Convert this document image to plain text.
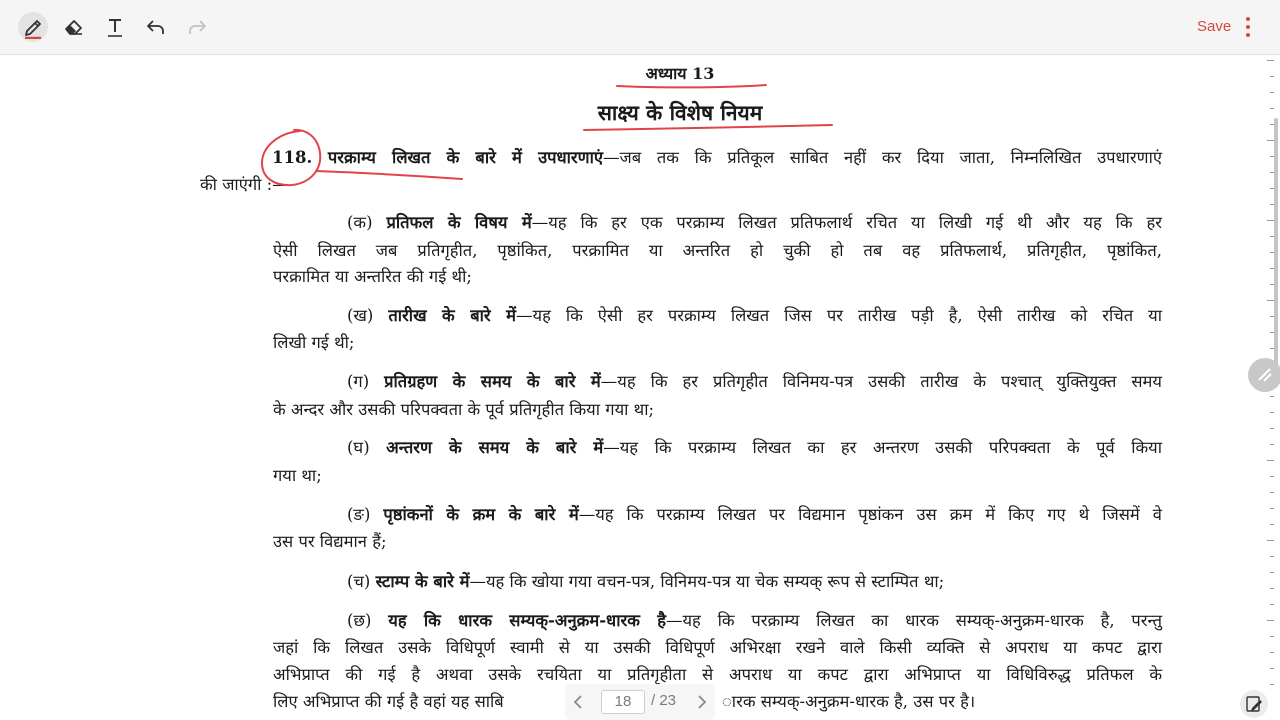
Save
अध्याय 13
साक्ष्य के विशेष नियम
118. परक्राम्य लिखत के बारे में उपधारणाएं—जब तक कि प्रतिकूल साबित नहीं कर दिया जाता, निम्नलिखित उपधारणाएं
की जाएंगी :—
(क) प्रतिफल के विषय में—यह कि हर एक परक्राम्य लिखत प्रतिफलार्थ रचित या लिखी गई थी और यह कि हर
ऐसी लिखत जब प्रतिगृहीत, पृष्ठांकित, परक्रामित या अन्तरित हो चुकी हो तब वह प्रतिफलार्थ, प्रतिगृहीत, पृष्ठांकित,
परक्रामित या अन्तरित की गई थी;
(ख) तारीख के बारे में—यह कि ऐसी हर परक्राम्य लिखत जिस पर तारीख पड़ी है, ऐसी तारीख को रचित या
लिखी गई थी;
(ग) प्रतिग्रहण के समय के बारे में—यह कि हर प्रतिगृहीत विनिमय-पत्र उसकी तारीख के पश्चात् युक्तियुक्त समय
के अन्दर और उसकी परिपक्वता के पूर्व प्रतिगृहीत किया गया था;
(घ) अन्तरण के समय के बारे में—यह कि परक्राम्य लिखत का हर अन्तरण उसकी परिपक्वता के पूर्व किया
गया था;
(ङ) पृष्ठांकनों के क्रम के बारे में—यह कि परक्राम्य लिखत पर विद्यमान पृष्ठांकन उस क्रम में किए गए थे जिसमें वे
उस पर विद्यमान हैं;
(च) स्टाम्प के बारे में—यह कि खोया गया वचन-पत्र, विनिमय-पत्र या चेक सम्यक् रूप से स्टाम्पित था;
(छ) यह कि धारक सम्यक्-अनुक्रम-धारक है—यह कि परक्राम्य लिखत का धारक सम्यक्-अनुक्रम-धारक है, परन्तु
जहां कि लिखत उसके विधिपूर्ण स्वामी से या उसकी विधिपूर्ण अभिरक्षा रखने वाले किसी व्यक्ति से अपराध या कपट द्वारा
अभिप्राप्त की गई है अथवा उसके रचयिता या प्रतिगृहीता से अपराध या कपट द्वारा अभिप्राप्त या विधिविरुद्ध प्रतिफल के
लिए अभिप्राप्त की गई है वहां यह साबि	ारक सम्यक्-अनुक्रम-धारक है, उस पर है।
18	/ 23
